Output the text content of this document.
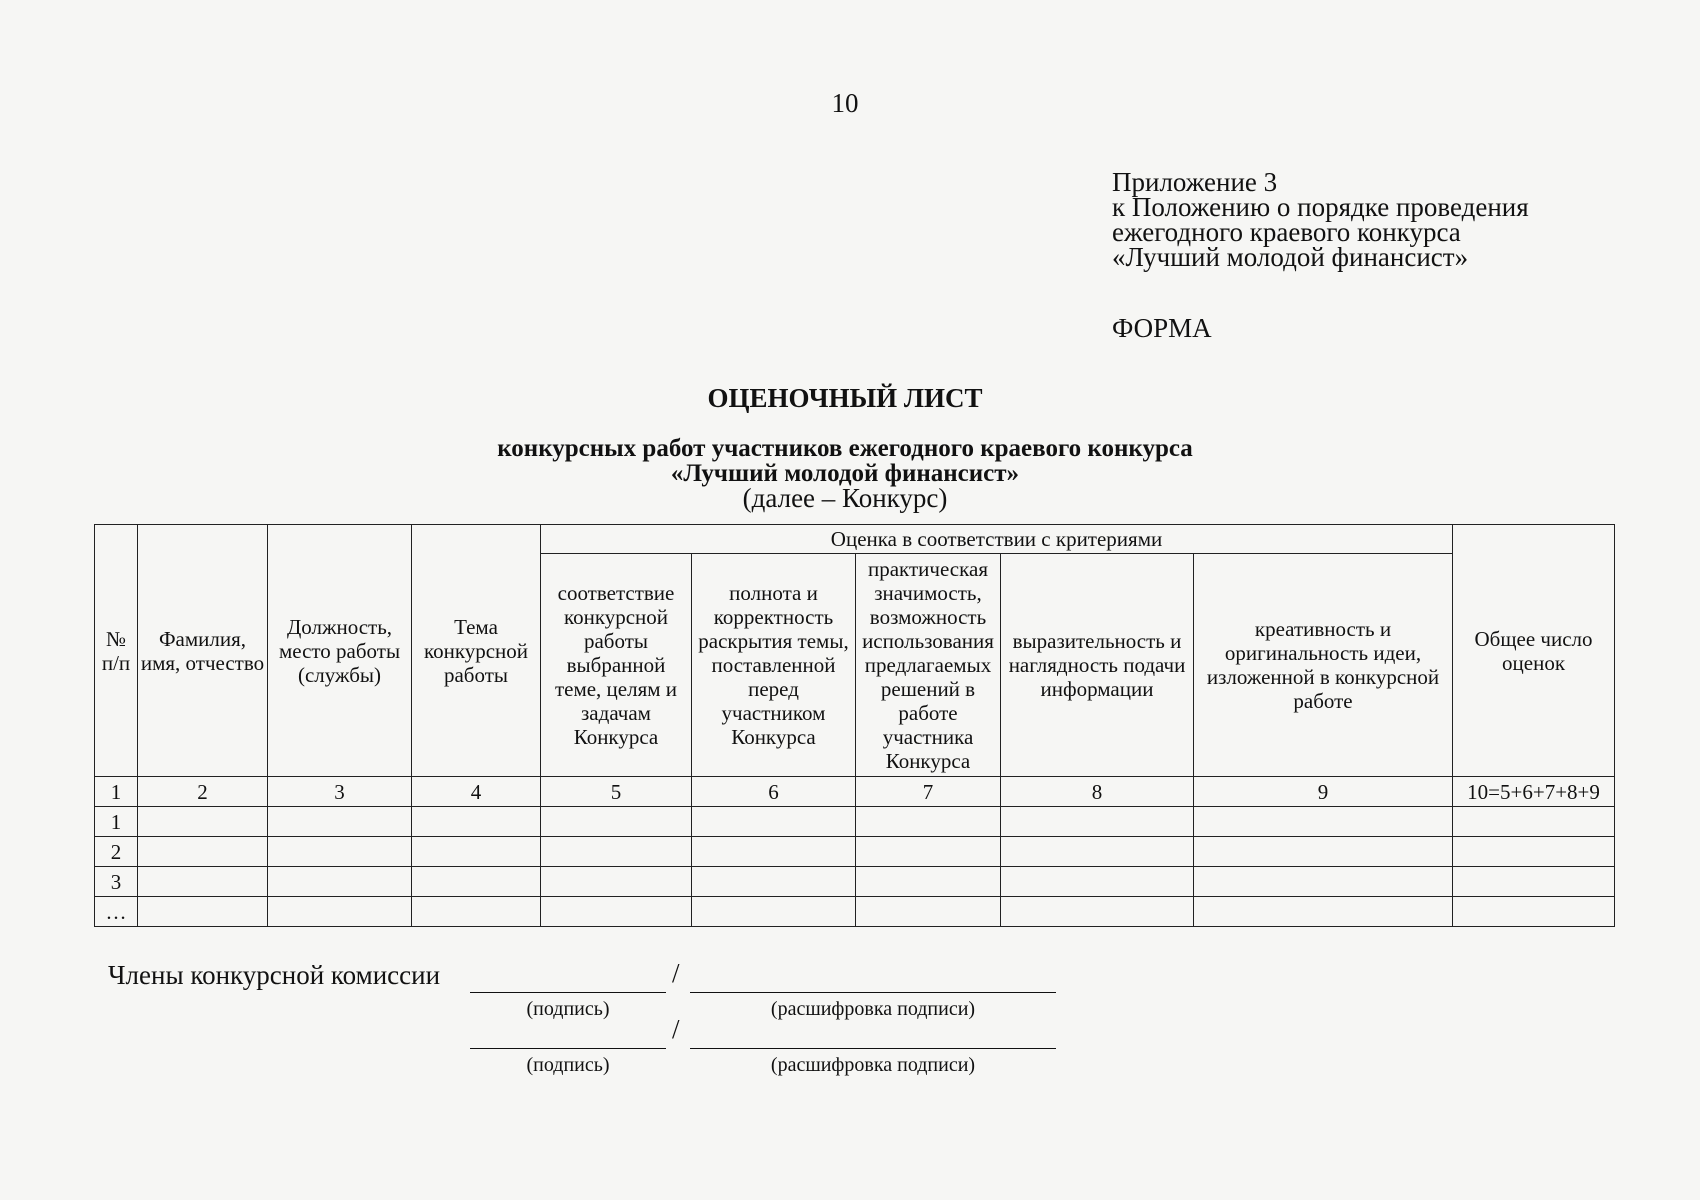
10
Приложение 3
к Положению о порядке проведения
ежегодного краевого конкурса
«Лучший молодой финансист»
ФОРМА
ОЦЕНОЧНЫЙ ЛИСТ
конкурсных работ участников ежегодного краевого конкурса
«Лучший молодой финансист»
(далее – Конкурс)
№ п/п	Фамилия, имя, отчество	Должность, место работы (службы)	Тема конкурсной работы	Оценка в соответствии с критериями					Общее число оценок
				соответствие конкурсной работы выбранной теме, целям и задачам Конкурса	полнота и корректность раскрытия темы, поставленной перед участником Конкурса	практическая значимость, возможность использования предлагаемых решений в работе участника Конкурса	выразительность и наглядность подачи информации	креативность и оригинальность идеи, изложенной в конкурсной работе	
1	2	3	4	5	6	7	8	9	10=5+6+7+8+9
1									
2									
3									
…									
Члены конкурсной комиссии	/
(подпись)	(расшифровка подписи)
/
(подпись)	(расшифровка подписи)
